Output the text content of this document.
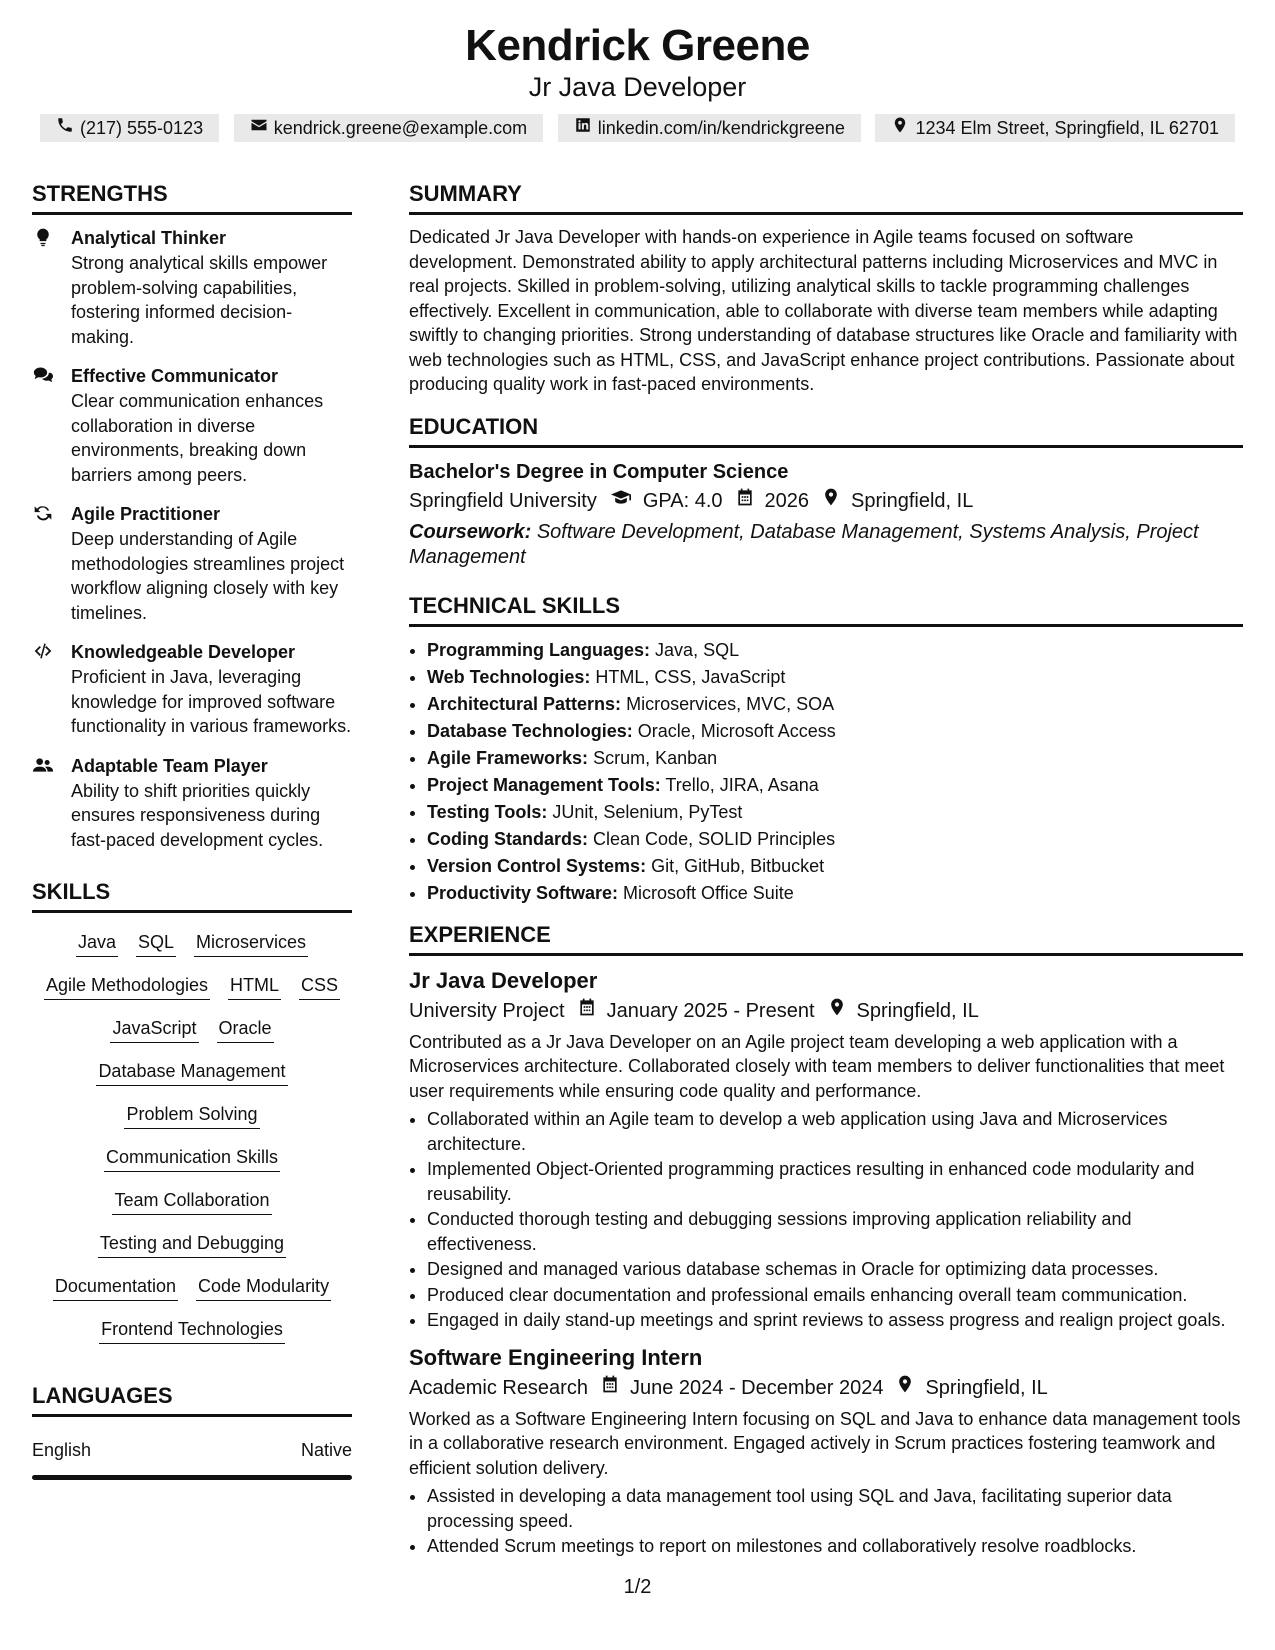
Kendrick Greene
Jr Java Developer
(217) 555-0123	kendrick.greene@example.com	linkedin.com/in/kendrickgreene	1234 Elm Street, Springfield, IL 62701
STRENGTHS
Analytical Thinker
Strong analytical skills empower problem-solving capabilities, fostering informed decision-making.
Effective Communicator
Clear communication enhances collaboration in diverse environments, breaking down barriers among peers.
Agile Practitioner
Deep understanding of Agile methodologies streamlines project workflow aligning closely with key timelines.
Knowledgeable Developer
Proficient in Java, leveraging knowledge for improved software functionality in various frameworks.
Adaptable Team Player
Ability to shift priorities quickly ensures responsiveness during fast-paced development cycles.
SKILLS
Java SQL Microservices
Agile Methodologies HTML CSS
JavaScript Oracle
Database Management
Problem Solving
Communication Skills
Team Collaboration
Testing and Debugging
Documentation Code Modularity
Frontend Technologies
LANGUAGES
English	Native
SUMMARY
Dedicated Jr Java Developer with hands-on experience in Agile teams focused on software development. Demonstrated ability to apply architectural patterns including Microservices and MVC in real projects. Skilled in problem-solving, utilizing analytical skills to tackle programming challenges effectively. Excellent in communication, able to collaborate with diverse team members while adapting swiftly to changing priorities. Strong understanding of database structures like Oracle and familiarity with web technologies such as HTML, CSS, and JavaScript enhance project contributions. Passionate about producing quality work in fast-paced environments.
EDUCATION
Bachelor's Degree in Computer Science
Springfield University GPA: 4.0 2026 Springfield, IL
Coursework: Software Development, Database Management, Systems Analysis, Project Management
TECHNICAL SKILLS
• Programming Languages: Java, SQL
• Web Technologies: HTML, CSS, JavaScript
• Architectural Patterns: Microservices, MVC, SOA
• Database Technologies: Oracle, Microsoft Access
• Agile Frameworks: Scrum, Kanban
• Project Management Tools: Trello, JIRA, Asana
• Testing Tools: JUnit, Selenium, PyTest
• Coding Standards: Clean Code, SOLID Principles
• Version Control Systems: Git, GitHub, Bitbucket
• Productivity Software: Microsoft Office Suite
EXPERIENCE
Jr Java Developer
University Project January 2025 - Present Springfield, IL
Contributed as a Jr Java Developer on an Agile project team developing a web application with a Microservices architecture. Collaborated closely with team members to deliver functionalities that meet user requirements while ensuring code quality and performance.
• Collaborated within an Agile team to develop a web application using Java and Microservices architecture.
• Implemented Object-Oriented programming practices resulting in enhanced code modularity and reusability.
• Conducted thorough testing and debugging sessions improving application reliability and effectiveness.
• Designed and managed various database schemas in Oracle for optimizing data processes.
• Produced clear documentation and professional emails enhancing overall team communication.
• Engaged in daily stand-up meetings and sprint reviews to assess progress and realign project goals.
Software Engineering Intern
Academic Research June 2024 - December 2024 Springfield, IL
Worked as a Software Engineering Intern focusing on SQL and Java to enhance data management tools in a collaborative research environment. Engaged actively in Scrum practices fostering teamwork and efficient solution delivery.
• Assisted in developing a data management tool using SQL and Java, facilitating superior data processing speed.
• Attended Scrum meetings to report on milestones and collaboratively resolve roadblocks.
1/2
